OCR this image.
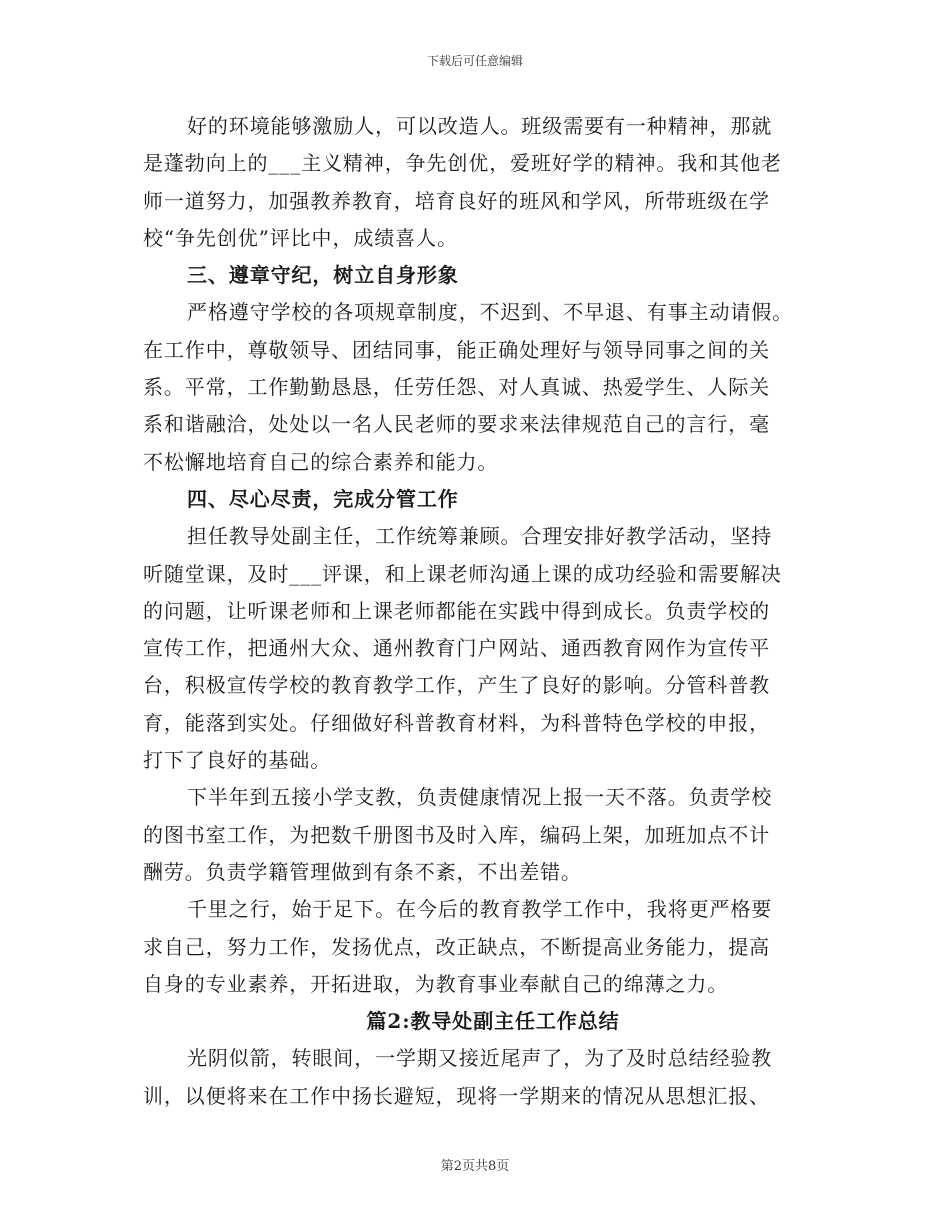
下载后可任意编辑
好的环境能够激励人，可以改造人。班级需要有一种精神，那就
是蓬勃向上的___主义精神，争先创优，爱班好学的精神。我和其他老
师一道努力，加强教养教育，培育良好的班风和学风，所带班级在学
校“争先创优”评比中，成绩喜人。
三、遵章守纪，树立自身形象
严格遵守学校的各项规章制度，不迟到、不早退、有事主动请假。
在工作中，尊敬领导、团结同事，能正确处理好与领导同事之间的关
系。平常，工作勤勤恳恳，任劳任怨、对人真诚、热爱学生、人际关
系和谐融洽，处处以一名人民老师的要求来法律规范自己的言行，毫
不松懈地培育自己的综合素养和能力。
四、尽心尽责，完成分管工作
担任教导处副主任，工作统筹兼顾。合理安排好教学活动，坚持
听随堂课，及时___评课，和上课老师沟通上课的成功经验和需要解决
的问题，让听课老师和上课老师都能在实践中得到成长。负责学校的
宣传工作，把通州大众、通州教育门户网站、通西教育网作为宣传平
台，积极宣传学校的教育教学工作，产生了良好的影响。分管科普教
育，能落到实处。仔细做好科普教育材料，为科普特色学校的申报，
打下了良好的基础。
下半年到五接小学支教，负责健康情况上报一天不落。负责学校
的图书室工作，为把数千册图书及时入库，编码上架，加班加点不计
酬劳。负责学籍管理做到有条不紊，不出差错。
千里之行，始于足下。在今后的教育教学工作中，我将更严格要
求自己，努力工作，发扬优点，改正缺点，不断提高业务能力，提高
自身的专业素养，开拓进取，为教育事业奉献自己的绵薄之力。
篇2:教导处副主任工作总结
光阴似箭，转眼间，一学期又接近尾声了，为了及时总结经验教
训，以便将来在工作中扬长避短，现将一学期来的情况从思想汇报、
第2页共8页
